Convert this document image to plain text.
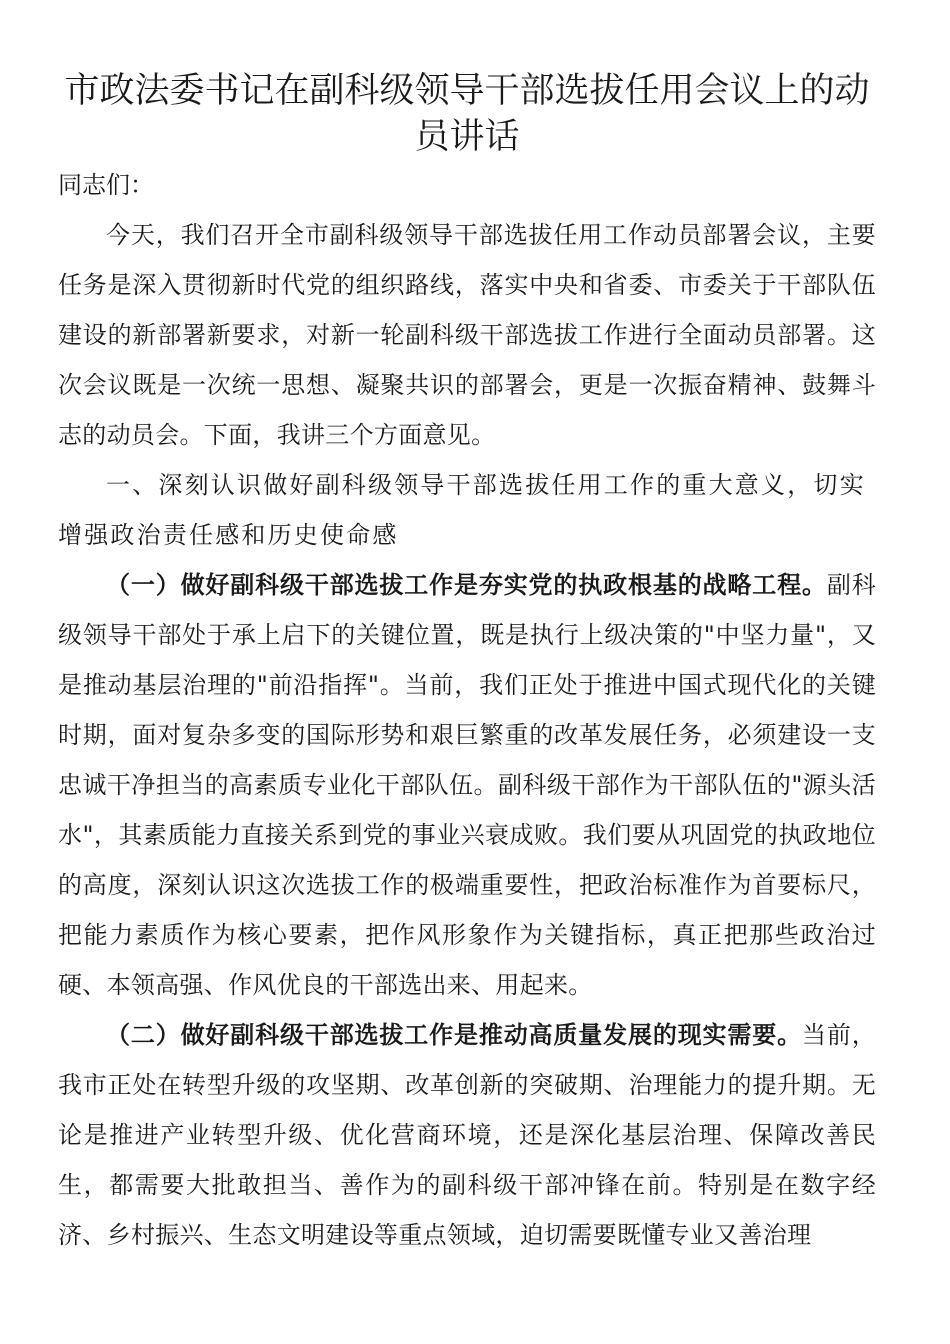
市政法委书记在副科级领导干部选拔任用会议上的动员讲话

同志们：

今天，我们召开全市副科级领导干部选拔任用工作动员部署会议，主要任务是深入贯彻新时代党的组织路线，落实中央和省委、市委关于干部队伍建设的新部署新要求，对新一轮副科级干部选拔工作进行全面动员部署。这次会议既是一次统一思想、凝聚共识的部署会，更是一次振奋精神、鼓舞斗志的动员会。下面，我讲三个方面意见。

一、深刻认识做好副科级领导干部选拔任用工作的重大意义，切实增强政治责任感和历史使命感

（一）做好副科级干部选拔工作是夯实党的执政根基的战略工程。副科级领导干部处于承上启下的关键位置，既是执行上级决策的"中坚力量"，又是推动基层治理的"前沿指挥"。当前，我们正处于推进中国式现代化的关键时期，面对复杂多变的国际形势和艰巨繁重的改革发展任务，必须建设一支忠诚干净担当的高素质专业化干部队伍。副科级干部作为干部队伍的"源头活水"，其素质能力直接关系到党的事业兴衰成败。我们要从巩固党的执政地位的高度，深刻认识这次选拔工作的极端重要性，把政治标准作为首要标尺，把能力素质作为核心要素，把作风形象作为关键指标，真正把那些政治过硬、本领高强、作风优良的干部选出来、用起来。

（二）做好副科级干部选拔工作是推动高质量发展的现实需要。当前，我市正处在转型升级的攻坚期、改革创新的突破期、治理能力的提升期。无论是推进产业转型升级、优化营商环境，还是深化基层治理、保障改善民生，都需要大批敢担当、善作为的副科级干部冲锋在前。特别是在数字经济、乡村振兴、生态文明建设等重点领域，迫切需要既懂专业又善治理
